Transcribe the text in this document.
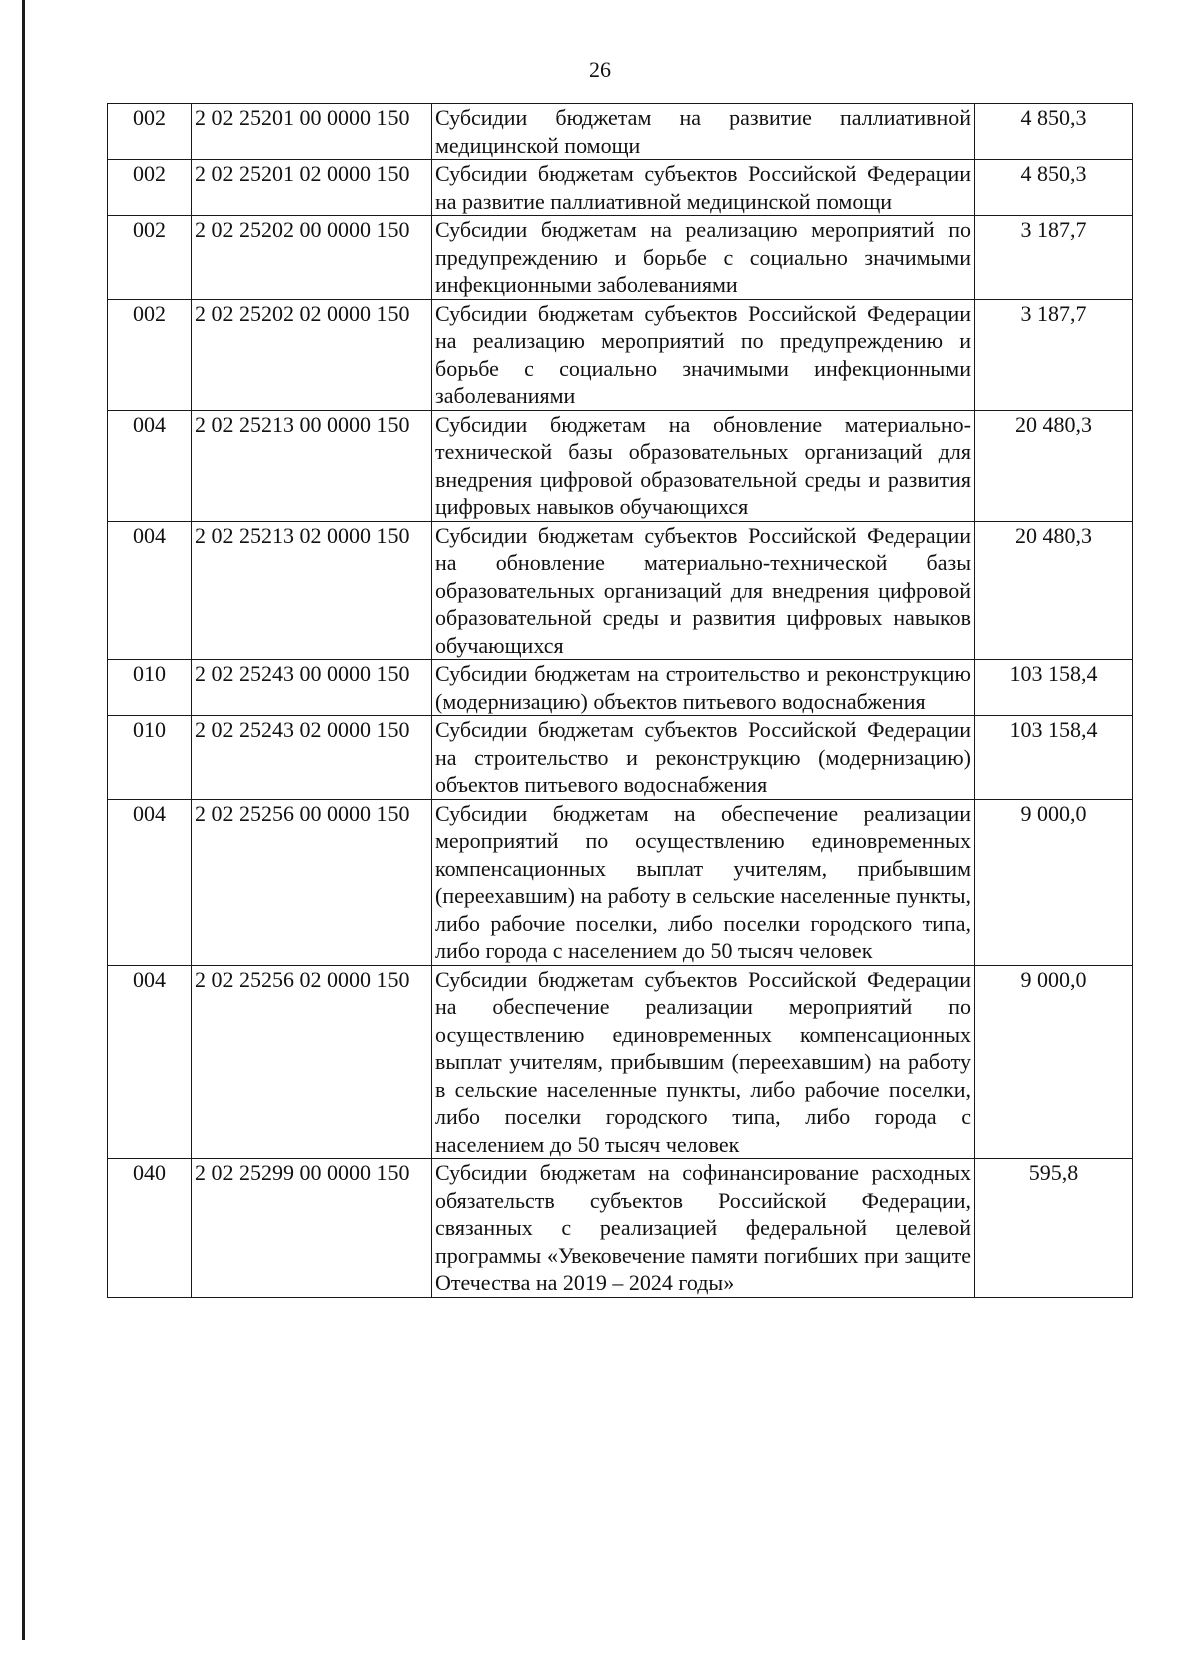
26
002	2 02 25201 00 0000 150	Субсидии бюджетам на развитие паллиативной медицинской помощи	4 850,3
002	2 02 25201 02 0000 150	Субсидии бюджетам субъектов Российской Федерации на развитие паллиативной медицинской помощи	4 850,3
002	2 02 25202 00 0000 150	Субсидии бюджетам на реализацию мероприятий по предупреждению и борьбе с социально значимыми инфекционными заболеваниями	3 187,7
002	2 02 25202 02 0000 150	Субсидии бюджетам субъектов Российской Федерации на реализацию мероприятий по предупреждению и борьбе с социально значимыми инфекционными заболеваниями	3 187,7
004	2 02 25213 00 0000 150	Субсидии бюджетам на обновление материально-технической базы образовательных организаций для внедрения цифровой образовательной среды и развития цифровых навыков обучающихся	20 480,3
004	2 02 25213 02 0000 150	Субсидии бюджетам субъектов Российской Федерации на обновление материально-технической базы образовательных организаций для внедрения цифровой образовательной среды и развития цифровых навыков обучающихся	20 480,3
010	2 02 25243 00 0000 150	Субсидии бюджетам на строительство и реконструкцию (модернизацию) объектов питьевого водоснабжения	103 158,4
010	2 02 25243 02 0000 150	Субсидии бюджетам субъектов Российской Федерации на строительство и реконструкцию (модернизацию) объектов питьевого водоснабжения	103 158,4
004	2 02 25256 00 0000 150	Субсидии бюджетам на обеспечение реализации мероприятий по осуществлению единовременных компенсационных выплат учителям, прибывшим (переехавшим) на работу в сельские населенные пункты, либо рабочие поселки, либо поселки городского типа, либо города с населением до 50 тысяч человек	9 000,0
004	2 02 25256 02 0000 150	Субсидии бюджетам субъектов Российской Федерации на обеспечение реализации мероприятий по осуществлению единовременных компенсационных выплат учителям, прибывшим (переехавшим) на работу в сельские населенные пункты, либо рабочие поселки, либо поселки городского типа, либо города с населением до 50 тысяч человек	9 000,0
040	2 02 25299 00 0000 150	Субсидии бюджетам на софинансирование расходных обязательств субъектов Российской Федерации, связанных с реализацией федеральной целевой программы «Увековечение памяти погибших при защите Отечества на 2019 – 2024 годы»	595,8
